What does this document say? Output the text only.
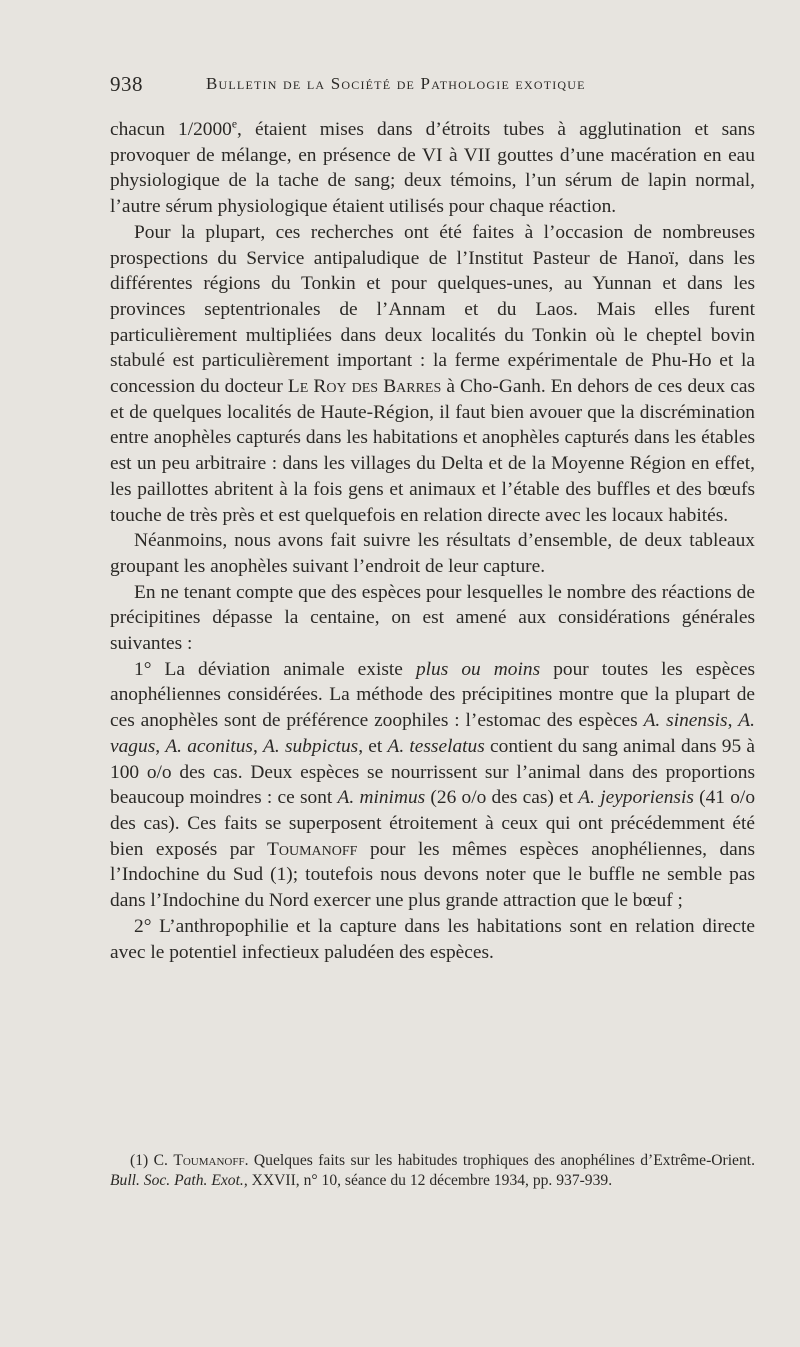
938	Bulletin de la Société de Pathologie exotique

chacun 1/2000e, étaient mises dans d’étroits tubes à agglutination et sans provoquer de mélange, en présence de VI à VII gouttes d’une macération en eau physiologique de la tache de sang; deux témoins, l’un sérum de lapin normal, l’autre sérum physiologique étaient utilisés pour chaque réaction.

Pour la plupart, ces recherches ont été faites à l’occasion de nombreuses prospections du Service antipaludique de l’Institut Pasteur de Hanoï, dans les différentes régions du Tonkin et pour quelques-unes, au Yunnan et dans les provinces septentrionales de l’Annam et du Laos. Mais elles furent particulièrement multipliées dans deux localités du Tonkin où le cheptel bovin stabulé est particulièrement important : la ferme expérimentale de Phu-Ho et la concession du docteur Le Roy des Barres à Cho-Ganh. En dehors de ces deux cas et de quelques localités de Haute-Région, il faut bien avouer que la discrémination entre anophèles capturés dans les habitations et anophèles capturés dans les étables est un peu arbitraire : dans les villages du Delta et de la Moyenne Région en effet, les paillottes abritent à la fois gens et animaux et l’étable des buffles et des bœufs touche de très près et est quelquefois en relation directe avec les locaux habités.

Néanmoins, nous avons fait suivre les résultats d’ensemble, de deux tableaux groupant les anophèles suivant l’endroit de leur capture.

En ne tenant compte que des espèces pour lesquelles le nombre des réactions de précipitines dépasse la centaine, on est amené aux considérations générales suivantes :

1° La déviation animale existe plus ou moins pour toutes les espèces anophéliennes considérées. La méthode des précipitines montre que la plupart de ces anophèles sont de préférence zoophiles : l’estomac des espèces A. sinensis, A. vagus, A. aconitus, A. subpictus, et A. tesselatus contient du sang animal dans 95 à 100 o/o des cas. Deux espèces se nourrissent sur l’animal dans des proportions beaucoup moindres : ce sont A. minimus (26 o/o des cas) et A. jeyporiensis (41 o/o des cas). Ces faits se superposent étroitement à ceux qui ont précédemment été bien exposés par Toumanoff pour les mêmes espèces anophéliennes, dans l’Indochine du Sud (1); toutefois nous devons noter que le buffle ne semble pas dans l’Indochine du Nord exercer une plus grande attraction que le bœuf ;

2° L’anthropophilie et la capture dans les habitations sont en relation directe avec le potentiel infectieux paludéen des espèces.

(1) C. Toumanoff. Quelques faits sur les habitudes trophiques des anophélines d’Extrême-Orient. Bull. Soc. Path. Exot., XXVII, n° 10, séance du 12 décembre 1934, pp. 937-939.
